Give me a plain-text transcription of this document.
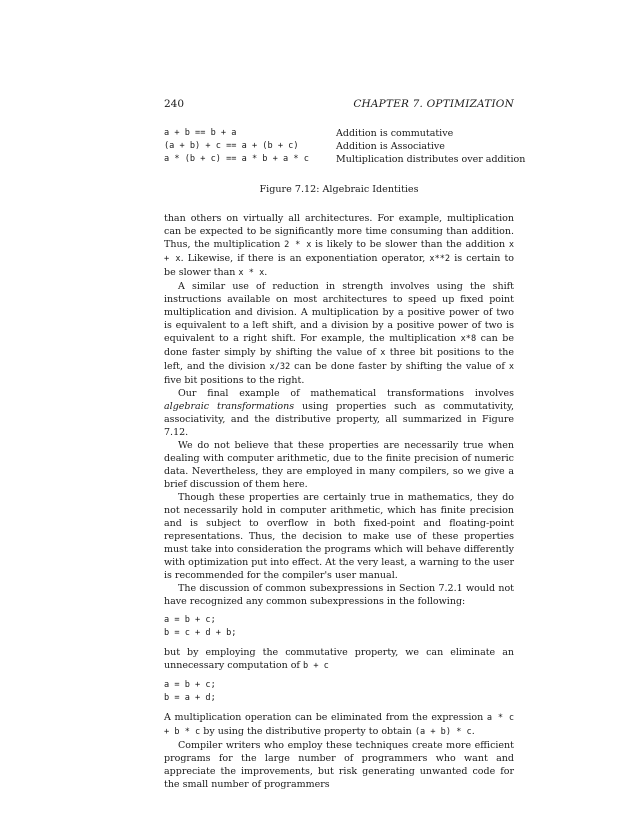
240	CHAPTER 7. OPTIMIZATION
a + b == b + a	Addition is commutative
(a + b) + c == a + (b + c)	Addition is Associative
a * (b + c) == a * b + a * c	Multiplication distributes over addition
Figure 7.12: Algebraic Identities

than others on virtually all architectures. For example, multiplication can be expected to be significantly more time consuming than addition. Thus, the multiplication 2 * x is likely to be slower than the addition x + x. Likewise, if there is an exponentiation operator, x**2 is certain to be slower than x * x.

A similar use of reduction in strength involves using the shift instructions available on most architectures to speed up fixed point multiplication and division. A multiplication by a positive power of two is equivalent to a left shift, and a division by a positive power of two is equivalent to a right shift. For example, the multiplication x*8 can be done faster simply by shifting the value of x three bit positions to the left, and the division x/32 can be done faster by shifting the value of x five bit positions to the right.

Our final example of mathematical transformations involves algebraic transformations using properties such as commutativity, associativity, and the distributive property, all summarized in Figure 7.12.

We do not believe that these properties are necessarily true when dealing with computer arithmetic, due to the finite precision of numeric data. Nevertheless, they are employed in many compilers, so we give a brief discussion of them here.

Though these properties are certainly true in mathematics, they do not necessarily hold in computer arithmetic, which has finite precision and is subject to overflow in both fixed-point and floating-point representations. Thus, the decision to make use of these properties must take into consideration the programs which will behave differently with optimization put into effect. At the very least, a warning to the user is recommended for the compiler's user manual.

The discussion of common subexpressions in Section 7.2.1 would not have recognized any common subexpressions in the following:

a = b + c;
b = c + d + b;

but by employing the commutative property, we can eliminate an unnecessary computation of b + c

a = b + c;
b = a + d;

A multiplication operation can be eliminated from the expression a * c + b * c by using the distributive property to obtain (a + b) * c.

Compiler writers who employ these techniques create more efficient programs for the large number of programmers who want and appreciate the improvements, but risk generating unwanted code for the small number of programmers
